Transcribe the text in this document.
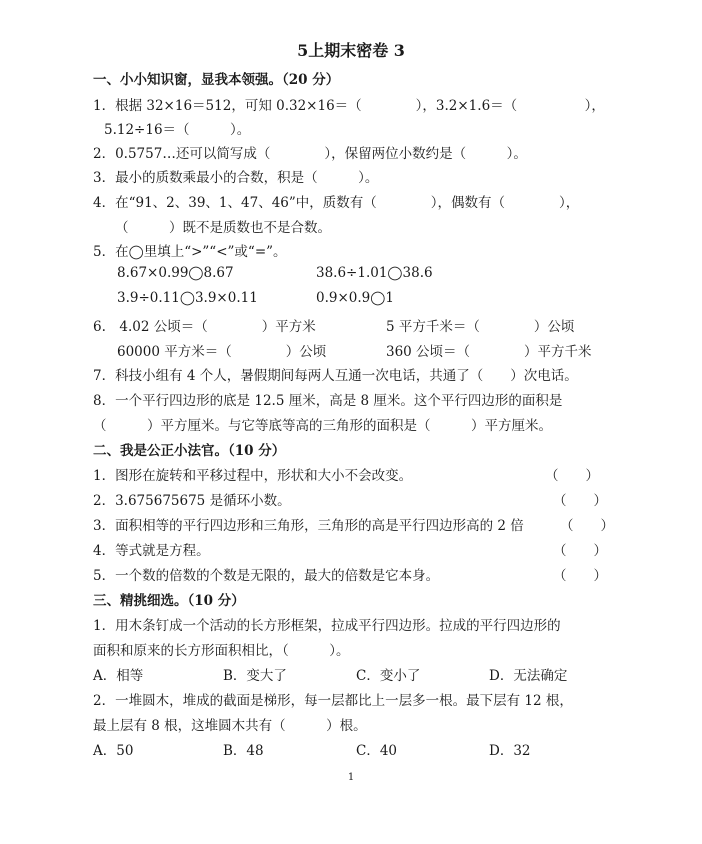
5上期末密卷 3
一、小小知识窗，显我本领强。（20 分）
1．根据 32×16＝512，可知 0.32×16＝（　　　　），3.2×1.6＝（　　　　　），
5.12÷16＝（　　　）。
2．0.5757…还可以简写成（　　　　），保留两位小数约是（　　　）。
3．最小的质数乘最小的合数，积是（　　　）。
4．在“91、2、39、1、47、46”中，质数有（　　　　），偶数有（　　　　），
（　　　）既不是质数也不是合数。
5．在◯里填上“>”“<”或“=”。
8.67×0.99◯8.67	38.6÷1.01◯38.6
3.9÷0.11◯3.9×0.11	0.9×0.9◯1
6.　4.02 公顷＝（　　　　）平方米	5 平方千米＝（　　　　）公顷
60000 平方米＝（　　　　）公顷	360 公顷＝（　　　　）平方千米
7．科技小组有 4 个人，暑假期间每两人互通一次电话，共通了（　　）次电话。
8．一个平行四边形的底是 12.5 厘米，高是 8 厘米。这个平行四边形的面积是
（　　　）平方厘米。与它等底等高的三角形的面积是（　　　）平方厘米。
二、我是公正小法官。（10 分）
1．图形在旋转和平移过程中，形状和大小不会改变。	（　　）
2．3.675675675 是循环小数。	（　　）
3．面积相等的平行四边形和三角形，三角形的高是平行四边形高的 2 倍	（　　）
4．等式就是方程。	（　　）
5．一个数的倍数的个数是无限的，最大的倍数是它本身。	（　　）
三、精挑细选。（10 分）
1．用木条钉成一个活动的长方形框架，拉成平行四边形。拉成的平行四边形的
面积和原来的长方形面积相比，（　　　）。
A．相等	B．变大了	C．变小了	D．无法确定
2．一堆圆木，堆成的截面是梯形，每一层都比上一层多一根。最下层有 12 根，
最上层有 8 根，这堆圆木共有（　　　）根。
A．50	B．48	C．40	D．32
1
